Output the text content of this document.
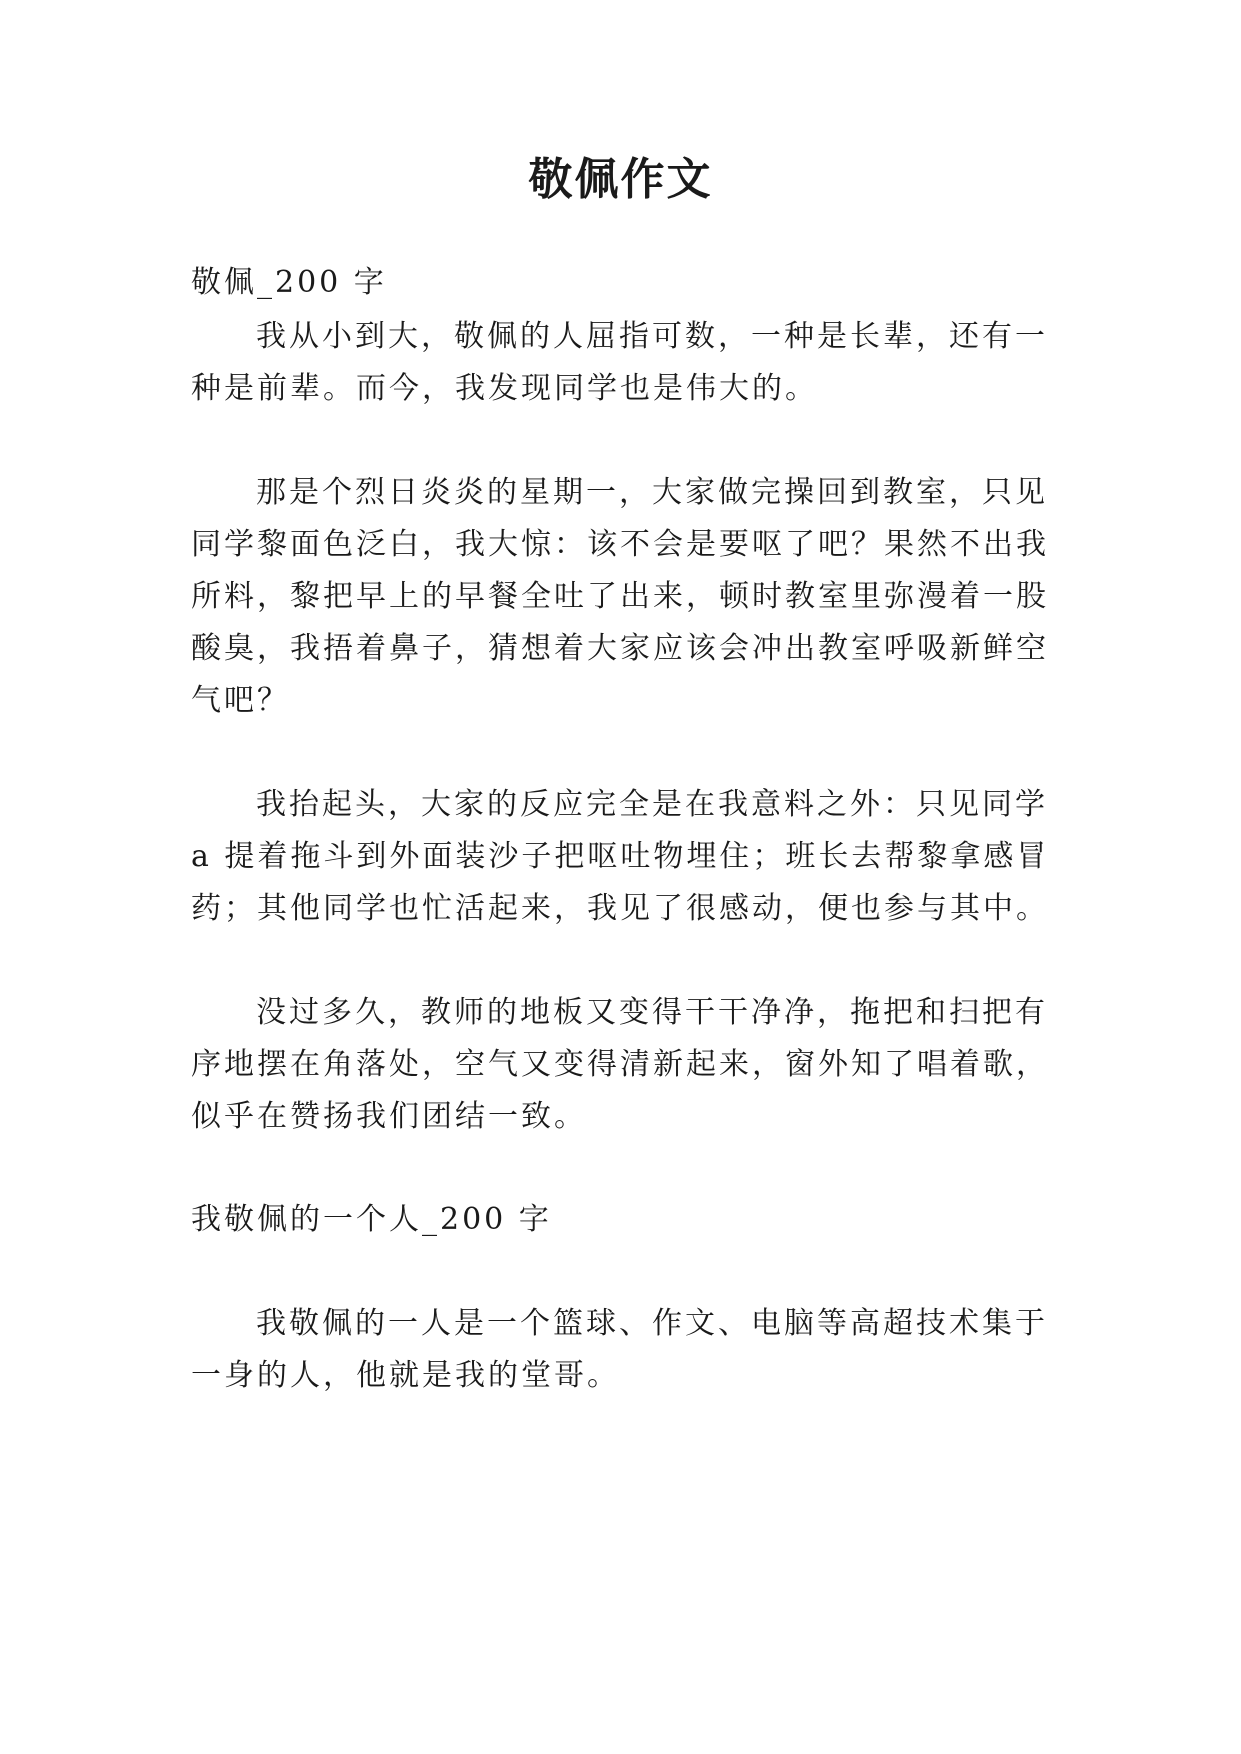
敬佩作文
敬佩_200 字
我从小到大，敬佩的人屈指可数，一种是长辈，还有一
种是前辈。而今，我发现同学也是伟大的。
那是个烈日炎炎的星期一，大家做完操回到教室，只见
同学黎面色泛白，我大惊：该不会是要呕了吧？果然不出我
所料，黎把早上的早餐全吐了出来，顿时教室里弥漫着一股
酸臭，我捂着鼻子，猜想着大家应该会冲出教室呼吸新鲜空
气吧？
我抬起头，大家的反应完全是在我意料之外：只见同学
a 提着拖斗到外面装沙子把呕吐物埋住；班长去帮黎拿感冒
药；其他同学也忙活起来，我见了很感动，便也参与其中。
没过多久，教师的地板又变得干干净净，拖把和扫把有
序地摆在角落处，空气又变得清新起来，窗外知了唱着歌，
似乎在赞扬我们团结一致。
我敬佩的一个人_200 字
我敬佩的一人是一个篮球、作文、电脑等高超技术集于
一身的人，他就是我的堂哥。
